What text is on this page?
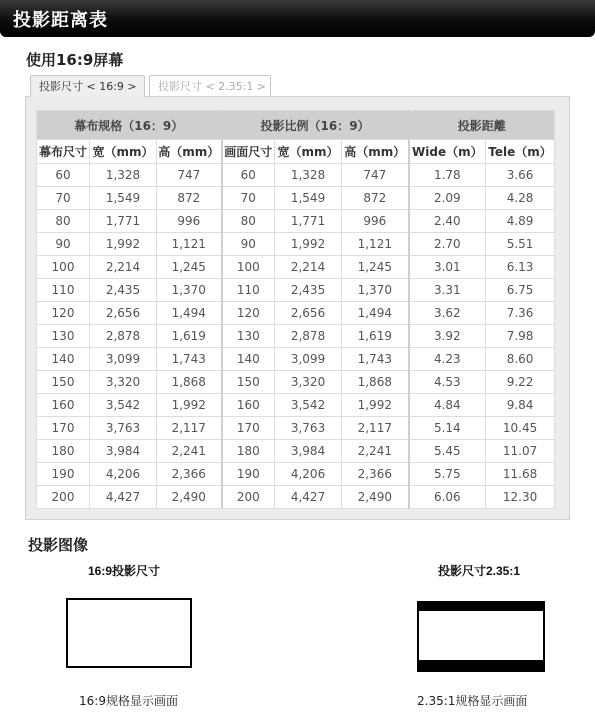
投影距离表
使用16:9屏幕
投影尺寸 < 16:9 >	投影尺寸 < 2.35:1 >
幕布规格（16：9）			投影比例（16：9）			投影距離	
幕布尺寸	宽（mm）	高（mm）	画面尺寸	宽（mm）	高（mm）	Wide（m）	Tele（m）
60	1,328	747	60	1,328	747	1.78	3.66
70	1,549	872	70	1,549	872	2.09	4.28
80	1,771	996	80	1,771	996	2.40	4.89
90	1,992	1,121	90	1,992	1,121	2.70	5.51
100	2,214	1,245	100	2,214	1,245	3.01	6.13
110	2,435	1,370	110	2,435	1,370	3.31	6.75
120	2,656	1,494	120	2,656	1,494	3.62	7.36
130	2,878	1,619	130	2,878	1,619	3.92	7.98
140	3,099	1,743	140	3,099	1,743	4.23	8.60
150	3,320	1,868	150	3,320	1,868	4.53	9.22
160	3,542	1,992	160	3,542	1,992	4.84	9.84
170	3,763	2,117	170	3,763	2,117	5.14	10.45
180	3,984	2,241	180	3,984	2,241	5.45	11.07
190	4,206	2,366	190	4,206	2,366	5.75	11.68
200	4,427	2,490	200	4,427	2,490	6.06	12.30
投影图像
16:9投影尺寸
16:9规格显示画面
投影尺寸2.35:1
2.35:1规格显示画面
